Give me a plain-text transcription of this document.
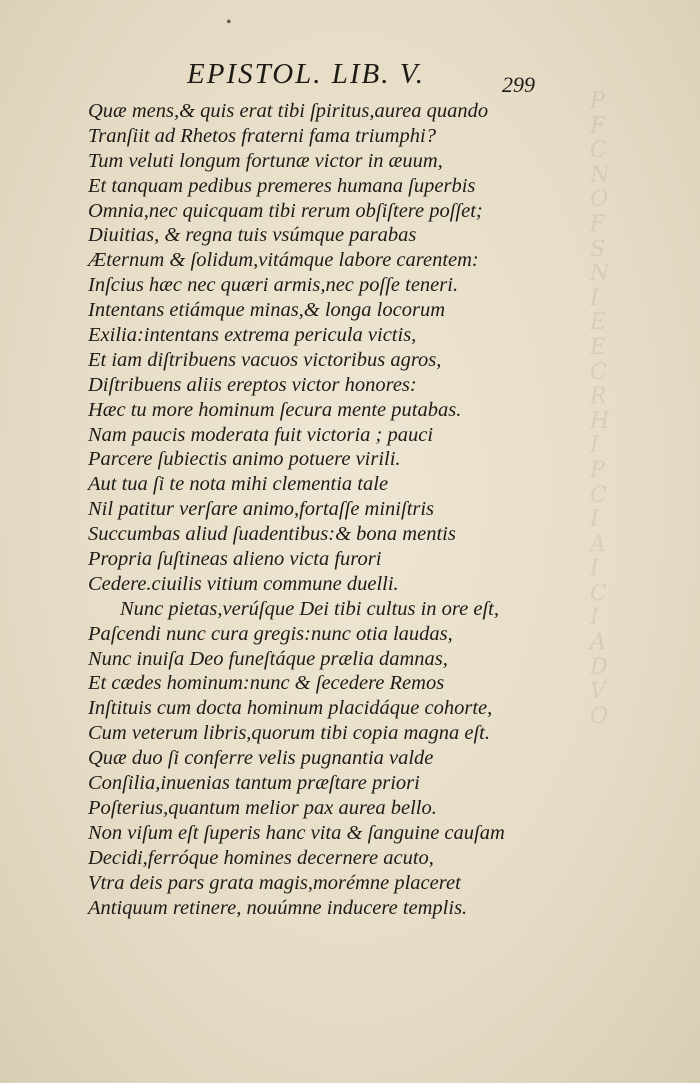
P
F
C
N
O
F
S
N
I
E
E
C
R
H
I
P
C
I
A
I
C
I
A
D
V
O
•
EPISTOL. LIB. V.	299
Quæ mens,& quis erat tibi ſpiritus,aurea quando
Tranſiit ad Rhetos fraterni fama triumphi?
Tum veluti longum fortunæ victor in æuum,
Et tanquam pedibus premeres humana ſuperbis
Omnia,nec quicquam tibi rerum obſiſtere poſſet;
Diuitias, & regna tuis vsúmque parabas
Æternum & ſolidum,vitámque labore carentem:
Inſcius hæc nec quæri armis,nec poſſe teneri.
Intentans etiámque minas,& longa locorum
Exilia:intentans extrema pericula victis,
Et iam diſtribuens vacuos victoribus agros,
Diſtribuens aliis ereptos victor honores:
Hæc tu more hominum ſecura mente putabas.
Nam paucis moderata fuit victoria ; pauci
Parcere ſubiectis animo potuere virili.
Aut tua ſi te nota mihi clementia tale
Nil patitur verſare animo,fortaſſe miniſtris
Succumbas aliud ſuadentibus:& bona mentis
Propria ſuſtineas alieno victa furori
Cedere.ciuilis vitium commune duelli.
Nunc pietas,verúſque Dei tibi cultus in ore eſt,
Paſcendi nunc cura gregis:nunc otia laudas,
Nunc inuiſa Deo funeſtáque prælia damnas,
Et cædes hominum:nunc & ſecedere Remos
Inſtituis cum docta hominum placidáque cohorte,
Cum veterum libris,quorum tibi copia magna eſt.
Quæ duo ſi conferre velis pugnantia valde
Conſilia,inuenias tantum præſtare priori
Poſterius,quantum melior pax aurea bello.
Non viſum eſt ſuperis hanc vita & ſanguine cauſam
Decidi,ferróque homines decernere acuto,
Vtra deis pars grata magis,morémne placeret
Antiquum retinere, nouúmne inducere templis.
